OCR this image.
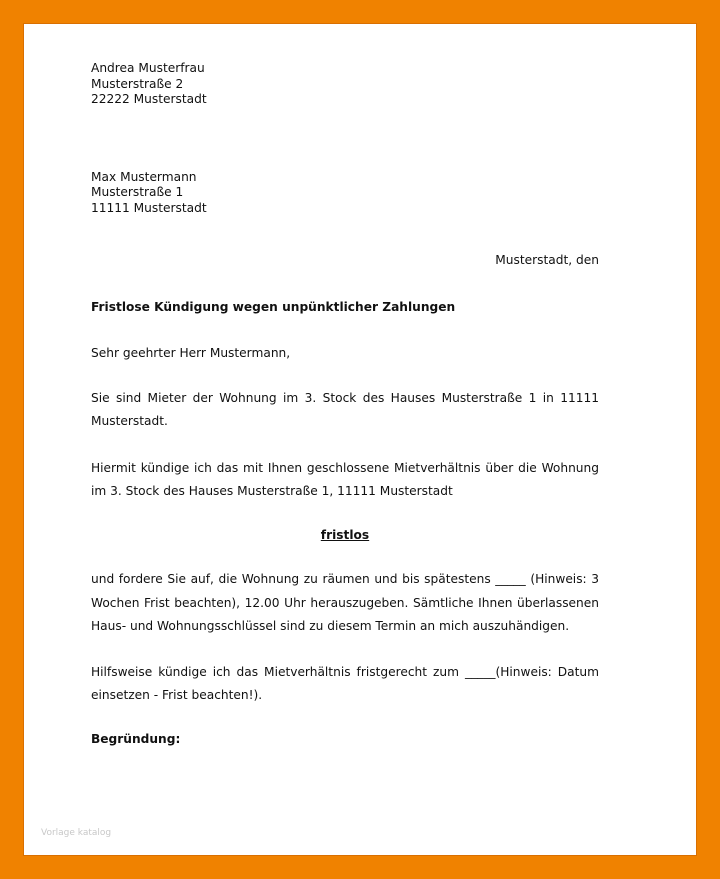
Andrea Musterfrau
Musterstraße 2
22222 Musterstadt
Max Mustermann
Musterstraße 1
11111 Musterstadt
Musterstadt, den
Fristlose Kündigung wegen unpünktlicher Zahlungen

Sehr geehrter Herr Mustermann,

Sie sind Mieter der Wohnung im 3. Stock des Hauses Musterstraße 1 in 11111 Musterstadt.

Hiermit kündige ich das mit Ihnen geschlossene Mietverhältnis über die Wohnung im 3. Stock des Hauses Musterstraße 1, 11111 Musterstadt

fristlos

und fordere Sie auf, die Wohnung zu räumen und bis spätestens _____ (Hinweis: 3 Wochen Frist beachten), 12.00 Uhr herauszugeben. Sämtliche Ihnen überlassenen Haus- und Wohnungsschlüssel sind zu diesem Termin an mich auszuhändigen.

Hilfsweise kündige ich das Mietverhältnis fristgerecht zum _____(Hinweis: Datum einsetzen - Frist beachten!).

Begründung:
Vorlage katalog
